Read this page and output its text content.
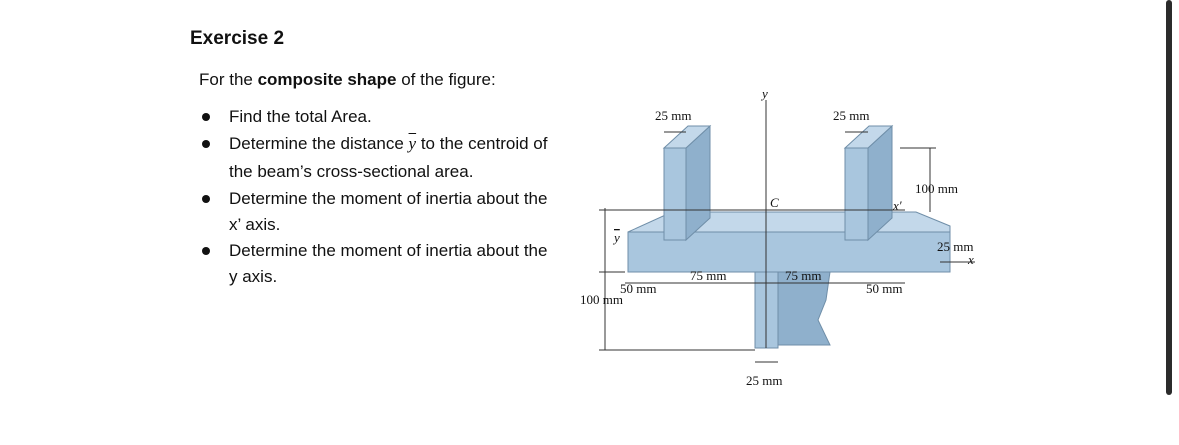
Exercise 2
For the composite shape of the figure:
Find the total Area.
Determine the distance $\overline{y}$ to the centroid of the beam’s cross-sectional area.
Determine the moment of inertia about the x’ axis.
Determine the moment of inertia about the y axis.
25 mm	25 mm
y
C	x′
x
100 mm
25 mm
y
50 mm
75 mm	75 mm
50 mm
100 mm
25 mm
